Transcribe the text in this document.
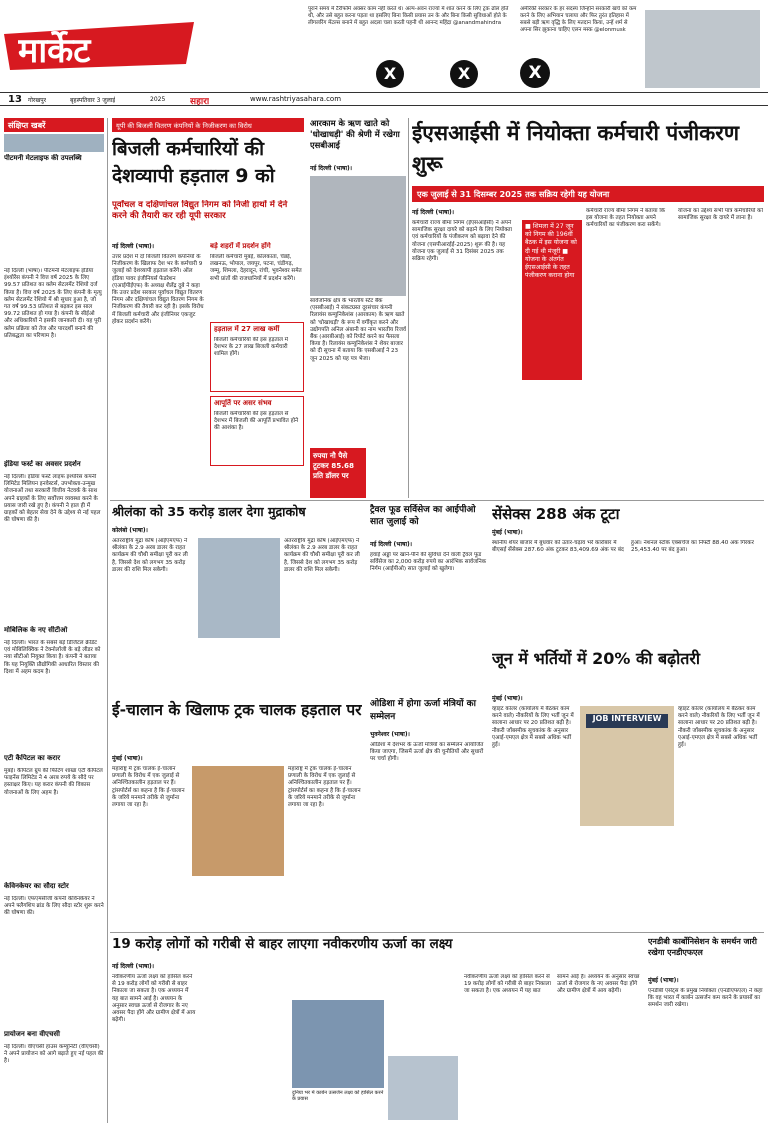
मार्केट
पुराने समय में टैरीफॉर्म अक्सर काम नहीं करते थे। अल्प-अवन राज्यों में शांत करने के लिए ट्रक ढोल होते थी, और उसे बहुत करना पड़ता था इसलिए बिना किसी प्रयास उन के और बिना किसी सुविधाओं होते के लीगलरिंग मेंटल्स बनाने में बहुत अदला चला करती पहनी थी आनन्द महिंद्रा @anandmahindra
X	X	X
अमेरिकी सरकार के हर सदस्य जिन्होंने सरकारी खर्च को कम करने के लिए अभियान चलाया और फिर तुरंत इतिहास में सबसे बड़ी ऋण वृद्धि के लिए मतदान किया, उन्हें शर्म से अपना सिर झुकाना चाहिए एलन मस्क @elonmusk
13 गोरखपुर	बृहस्पतिवार 3 जुलाई	2025	सहारा	www.rashtriyasahara.com
संक्षिप्त खबरें
पीटमनी मेटलाइफ की उपलब्धि
नई दिल्ली (भाषा)। पीटमनी मेटलाइफ इंडिया इंश्योरेंस कंपनी ने वित्त वर्ष 2025 के लिए 99.57 प्रतिशत का क्लेम सेटलमेंट रेशियो दर्ज किया है। वित्त वर्ष 2025 के लिए कंपनी के मृत्यु क्लेम सेटलमेंट रेशियो में श्री सुधार हुआ है, जो गत वर्ष 99.53 प्रतिशत से बढ़कर इस साल 99.72 प्रतिशत हो गया है। कंपनी के सीईओ और अधिकारियों ने इसकी जानकारी दी। यह पूरी क्लेम प्रक्रिया को तेज और पारदर्शी बनाने की प्रतिबद्धता का परिणाम है।
इंडिया फर्स्ट का अवसर प्रदर्शन
नई दिल्ली। इंडिया फर्स्ट लाइफ इंश्योरेंस कंपनी लिमिटेड मिलियन इनवेस्टर्स, उपभोक्ता-उन्मुख योजनाओं तथा सरकारी वित्तीय नेटवर्क के साथ अपने ग्राहकों के लिए सर्वोत्तम व्यवस्था करने के प्रयास जारी रखे हुए है। कंपनी ने हाल ही में ग्राहकों को बेहतर सेवा देने के उद्देश्य से नई पहल की घोषणा की है।
मोबिलिक के नए सीटीओ
नई दिल्ली। भारत के सबसे बड़े डिजिटल क्रेडिट एवं मोबिलिक्विक ने टेक्नोलॉजी के बड़े लीडर को नया सीटीओ नियुक्त किया है। कंपनी ने बताया कि यह नियुक्ति प्रौद्योगिकी आधारित विस्तार की दिशा में अहम कदम है।
एटी कैपिटल का करार
मुंबई। कैपिटल ग्रुप की फिटिंग शाखा एटी कैपिटल फाइनेंस लिमिटेड ने 4 अरब रुपये के सौदे पर हस्ताक्षर किए। यह करार कंपनी की विकास योजनाओं के लिए अहम है।
केविनकेयर का सौदा स्टोर
नई दिल्ली। एफएमसीजी कंपनी केविनकेयर ने अपने फ्लैगशिप ब्रांड के लिए सौदा स्टोर शुरू करने की घोषणा की।
प्रायोजन बना वीएचसी
नई दिल्ली। वीएचसी हाउस कम्युनिटी (वीएचसी) ने अपने प्रायोजन को आगे बढ़ाते हुए नई पहल की है।
यूपी की बिजली वितरण कंपनियों के निजीकरण का विरोध
बिजली कर्मचारियों की देशव्यापी हड़ताल 9 को
पूर्वांचल व दक्षिणांचल विद्युत निगम को निजी हाथों में देने करने की तैयारी कर रही यूपी सरकार
नई दिल्ली (भाषा)।
उत्तर प्रदेश में दो बिजली वितरण कंपनियों के निजीकरण के खिलाफ देश भर के कर्मचारी 9 जुलाई को देशव्यापी हड़ताल करेंगे। ऑल इंडिया पावर इंजीनियर्स फेडरेशन (एआईपीईएफ) के अध्यक्ष शैलेंद्र दुबे ने कहा कि उत्तर प्रदेश सरकार पूर्वांचल विद्युत वितरण निगम और दक्षिणांचल विद्युत वितरण निगम के निजीकरण की तैयारी कर रही है। इसके विरोध में बिजली कर्मचारी और इंजीनियर एकजुट होकर प्रदर्शन करेंगे।
बड़े शहरों में प्रदर्शन होंगे
बिजली कर्मचारी मुंबई, कोलकाता, चेन्नई, लखनऊ, भोपाल, जयपुर, पटना, चंडीगढ़, जम्मू, शिमला, देहरादून, रांची, भुवनेश्वर समेत सभी प्रांतों की राजधानियों में प्रदर्शन करेंगे।
हड़ताल में 27 लाख कर्मी
बिजली कर्मचारियों की इस हड़ताल में देशभर के 27 लाख बिजली कर्मचारी शामिल होंगे।
आपूर्ति पर असर संभव
बिजली कर्मचारियों की इस हड़ताल से देशभर में बिजली की आपूर्ति प्रभावित होने की आशंका है।
आरकाम के ऋण खाते को 'धोखाधड़ी' की श्रेणी में रखेगा एसबीआई
नई दिल्ली (भाषा)।
सार्वजनिक क्षेत्र के भारतीय स्टेट बैंक (एसबीआई) ने संकटग्रस्त दूरसंचार कंपनी रिलायंस कम्युनिकेशंस (आरकाम) के ऋण खाते को 'धोखाधड़ी' के रूप में वर्गीकृत करने और उद्योगपति अनिल अंबानी का नाम भारतीय रिजर्व बैंक (आरबीआई) को रिपोर्ट करने का फैसला किया है। रिलायंस कम्युनिकेशंस ने शेयर बाजार को दी सूचना में बताया कि एसबीआई ने 23 जून 2025 को यह पत्र भेजा।
रुपया नौ पैसे टूटकर 85.68 प्रति डॉलर पर
ईएसआईसी में नियोक्ता कर्मचारी पंजीकरण शुरू
एक जुलाई से 31 दिसम्बर 2025 तक सक्रिय रहेगी यह योजना
नई दिल्ली (भाषा)।
कर्मचारी राज्य बीमा निगम (ईएसआईसी) ने अपने सामाजिक सुरक्षा दायरे को बढ़ाने के लिए नियोक्ता एवं कर्मचारियों के पंजीकरण को बढ़ावा देने की योजना (एसपीआरईई-2025) शुरू की है। यह योजना एक जुलाई से 31 दिसंबर 2025 तक सक्रिय रहेगी।
■ शिमला में 27 जून को निगम की 196वीं बैठक में इस योजना को दी गई थी मंजूरी ■ योजना के अंतर्गत ईएसआईसी के तहत पंजीकरण कराना होगा
कर्मचारी राज्य बीमा निगम ने बताया कि इस योजना के तहत नियोक्ता अपने कर्मचारियों का पंजीकरण करा सकेंगे। योजना का उद्देश्य सभी पात्र कर्मचारियों को सामाजिक सुरक्षा के दायरे में लाना है।
श्रीलंका को 35 करोड़ डालर देगा मुद्राकोष
कोलंबो (भाषा)।
अंतरराष्ट्रीय मुद्रा कोष (आईएमएफ) ने श्रीलंका के 2.9 अरब डालर के राहत कार्यक्रम की चौथी समीक्षा पूरी कर ली है, जिससे देश को लगभग 35 करोड़ डालर की राशि मिल सकेगी।
अंतरराष्ट्रीय मुद्रा कोष (आईएमएफ) ने श्रीलंका के 2.9 अरब डालर के राहत कार्यक्रम की चौथी समीक्षा पूरी कर ली है, जिससे देश को लगभग 35 करोड़ डालर की राशि मिल सकेगी।
ट्रैवल फूड सर्विसेज का आईपीओ सात जुलाई को
नई दिल्ली (भाषा)।
हवाई अड्डों पर खाने-पीने की सुविधा देने वाली ट्रैवल फूड सर्विसेज का 2,000 करोड़ रुपये का आरंभिक सार्वजनिक निर्गम (आईपीओ) सात जुलाई को खुलेगा।
सेंसेक्स 288 अंक टूटा
मुंबई (भाषा)।
स्थानीय शेयर बाजार में बुधवार को उतार-चढ़ाव भरे कारोबार में बीएसई सेंसेक्स 287.60 अंक टूटकर 83,409.69 अंक पर बंद हुआ। नेशनल स्टॉक एक्सचेंज का निफ्टी 88.40 अंक गिरकर 25,453.40 पर बंद हुआ।
ई-चालान के खिलाफ ट्रक चालक हड़ताल पर
मुंबई (भाषा)।
महाराष्ट्र में ट्रक चालक ई-चालान प्रणाली के विरोध में एक जुलाई से अनिश्चितकालीन हड़ताल पर हैं। ट्रांसपोर्टर्स का कहना है कि ई-चालान के जरिये मनमाने तरीके से जुर्माना लगाया जा रहा है।
महाराष्ट्र में ट्रक चालक ई-चालान प्रणाली के विरोध में एक जुलाई से अनिश्चितकालीन हड़ताल पर हैं। ट्रांसपोर्टर्स का कहना है कि ई-चालान के जरिये मनमाने तरीके से जुर्माना लगाया जा रहा है।
ओडिशा में होगा ऊर्जा मंत्रियों का सम्मेलन
भुवनेश्वर (भाषा)।
ओडिशा में देशभर के ऊर्जा मंत्रियों का सम्मेलन आयोजित किया जाएगा, जिसमें ऊर्जा क्षेत्र की चुनौतियों और सुधारों पर चर्चा होगी।
जून में भर्तियों में 20% की बढ़ोतरी
मुंबई (भाषा)।
व्हाइट कॉलर (कार्यालय में बैठकर काम करने वाले) नौकरियों के लिए भर्ती जून में सालाना आधार पर 20 प्रतिशत बढ़ी है। नौकरी जॉबस्पीक सूचकांक के अनुसार एआई-एमएल क्षेत्र में सबसे अधिक भर्ती हुई।
JOB INTERVIEW
व्हाइट कॉलर (कार्यालय में बैठकर काम करने वाले) नौकरियों के लिए भर्ती जून में सालाना आधार पर 20 प्रतिशत बढ़ी है। नौकरी जॉबस्पीक सूचकांक के अनुसार एआई-एमएल क्षेत्र में सबसे अधिक भर्ती हुई।
19 करोड़ लोगों को गरीबी से बाहर लाएगा नवीकरणीय ऊर्जा का लक्ष्य
नई दिल्ली (भाषा)।
नवीकरणीय ऊर्जा लक्ष्य को हासिल करने से 19 करोड़ लोगों को गरीबी से बाहर निकाला जा सकता है। एक अध्ययन में यह बात सामने आई है। अध्ययन के अनुसार स्वच्छ ऊर्जा से रोजगार के नए अवसर पैदा होंगे और ग्रामीण क्षेत्रों में आय बढ़ेगी।
दुनिया भर में कार्बन उत्सर्जन लक्ष्य को हासिल करने के प्रयास
नवीकरणीय ऊर्जा लक्ष्य को हासिल करने से 19 करोड़ लोगों को गरीबी से बाहर निकाला जा सकता है। एक अध्ययन में यह बात सामने आई है। अध्ययन के अनुसार स्वच्छ ऊर्जा से रोजगार के नए अवसर पैदा होंगे और ग्रामीण क्षेत्रों में आय बढ़ेगी।
एनडीबी कार्बोनिसेशन के समर्थन जारी रखेगा एनडीएफएल
मुंबई (भाषा)।
एनडीबी एसेट्स के प्रमुख नियोक्ता (एनडीएफएल) ने कहा कि वह भारत में कार्बन उत्सर्जन कम करने के प्रयासों का समर्थन जारी रखेगा।
